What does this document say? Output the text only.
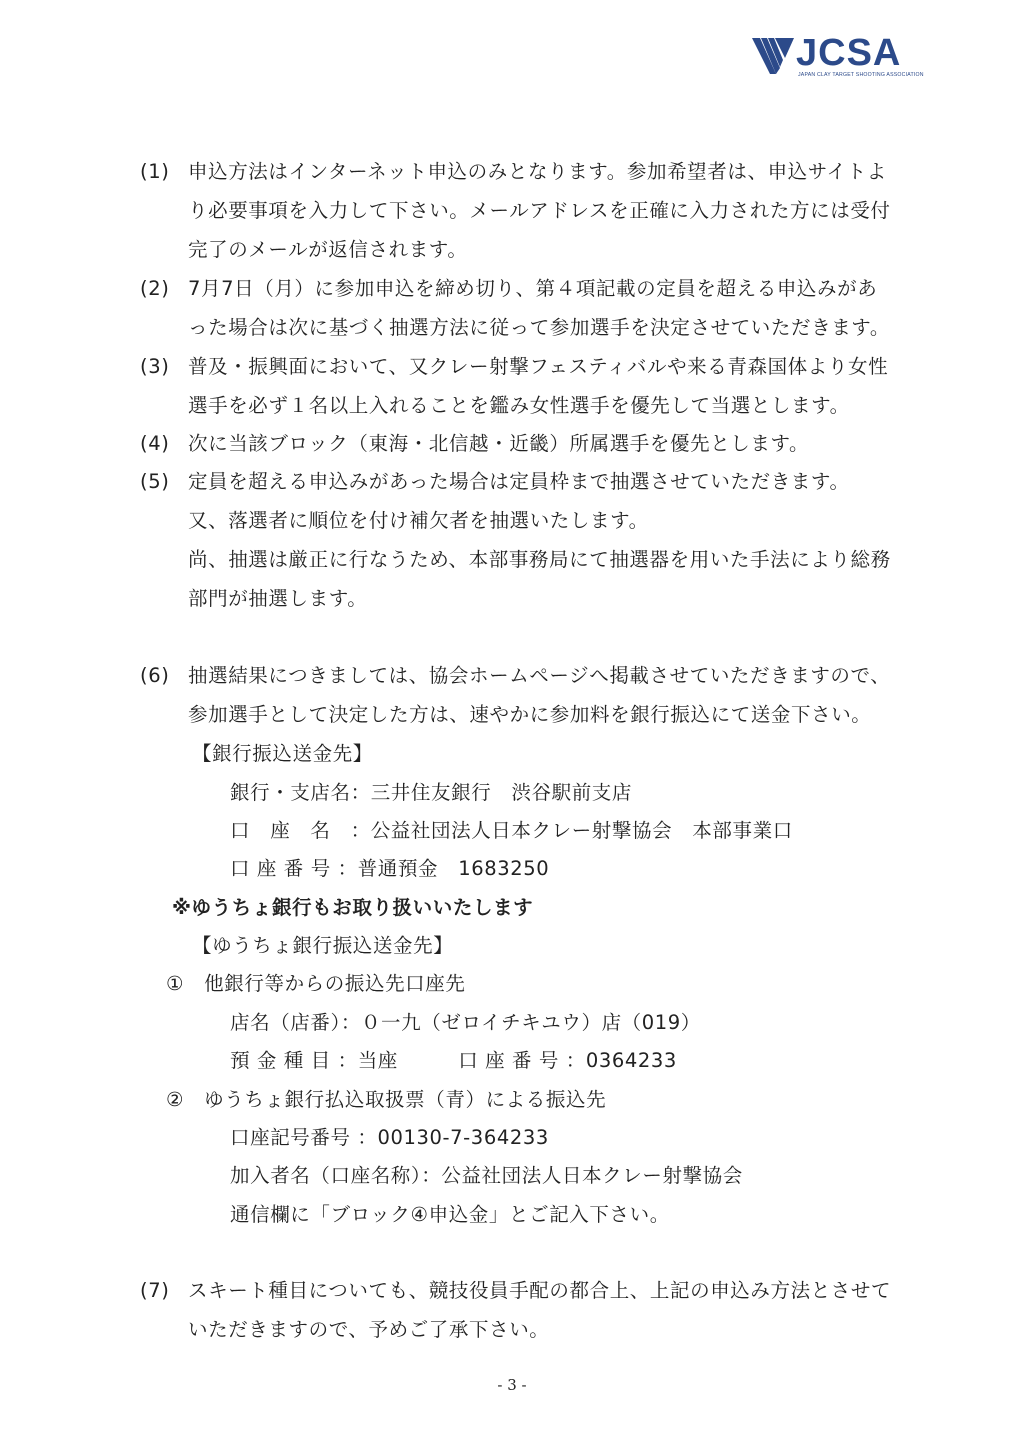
JCSA
JAPAN CLAY TARGET SHOOTING ASSOCIATION
(1) 申込方法はインターネット申込のみとなります。参加希望者は、申込サイトよ
り必要事項を入力して下さい。メールアドレスを正確に入力された方には受付
完了のメールが返信されます。
(2) 7月7日（月）に参加申込を締め切り、第４項記載の定員を超える申込みがあ
った場合は次に基づく抽選方法に従って参加選手を決定させていただきます。
(3) 普及・振興面において、又クレー射撃フェスティバルや来る青森国体より女性
選手を必ず１名以上入れることを鑑み女性選手を優先して当選とします。
(4) 次に当該ブロック（東海・北信越・近畿）所属選手を優先とします。
(5) 定員を超える申込みがあった場合は定員枠まで抽選させていただきます。
又、落選者に順位を付け補欠者を抽選いたします。
尚、抽選は厳正に行なうため、本部事務局にて抽選器を用いた手法により総務
部門が抽選します。
(6) 抽選結果につきましては、協会ホームページへ掲載させていただきますので、
参加選手として決定した方は、速やかに参加料を銀行振込にて送金下さい。
【銀行振込送金先】
銀行・支店名：三井住友銀行　渋谷駅前支店
口　座　名　：公益社団法人日本クレー射撃協会　本部事業口
口 座 番 号 ：普通預金　1683250
※ゆうちょ銀行もお取り扱いいたします
【ゆうちょ銀行振込送金先】
①　他銀行等からの振込先口座先
店名（店番）：０一九（ゼロイチキユウ）店（019）
預 金 種 目 ：当座　　　口 座 番 号 ：0364233
②　ゆうちょ銀行払込取扱票（青）による振込先
口座記号番号 ：00130-7-364233
加入者名（口座名称）：公益社団法人日本クレー射撃協会
通信欄に「ブロック④申込金」とご記入下さい。
(7) スキート種目についても、競技役員手配の都合上、上記の申込み方法とさせて
いただきますので、予めご了承下さい。
- 3 -
